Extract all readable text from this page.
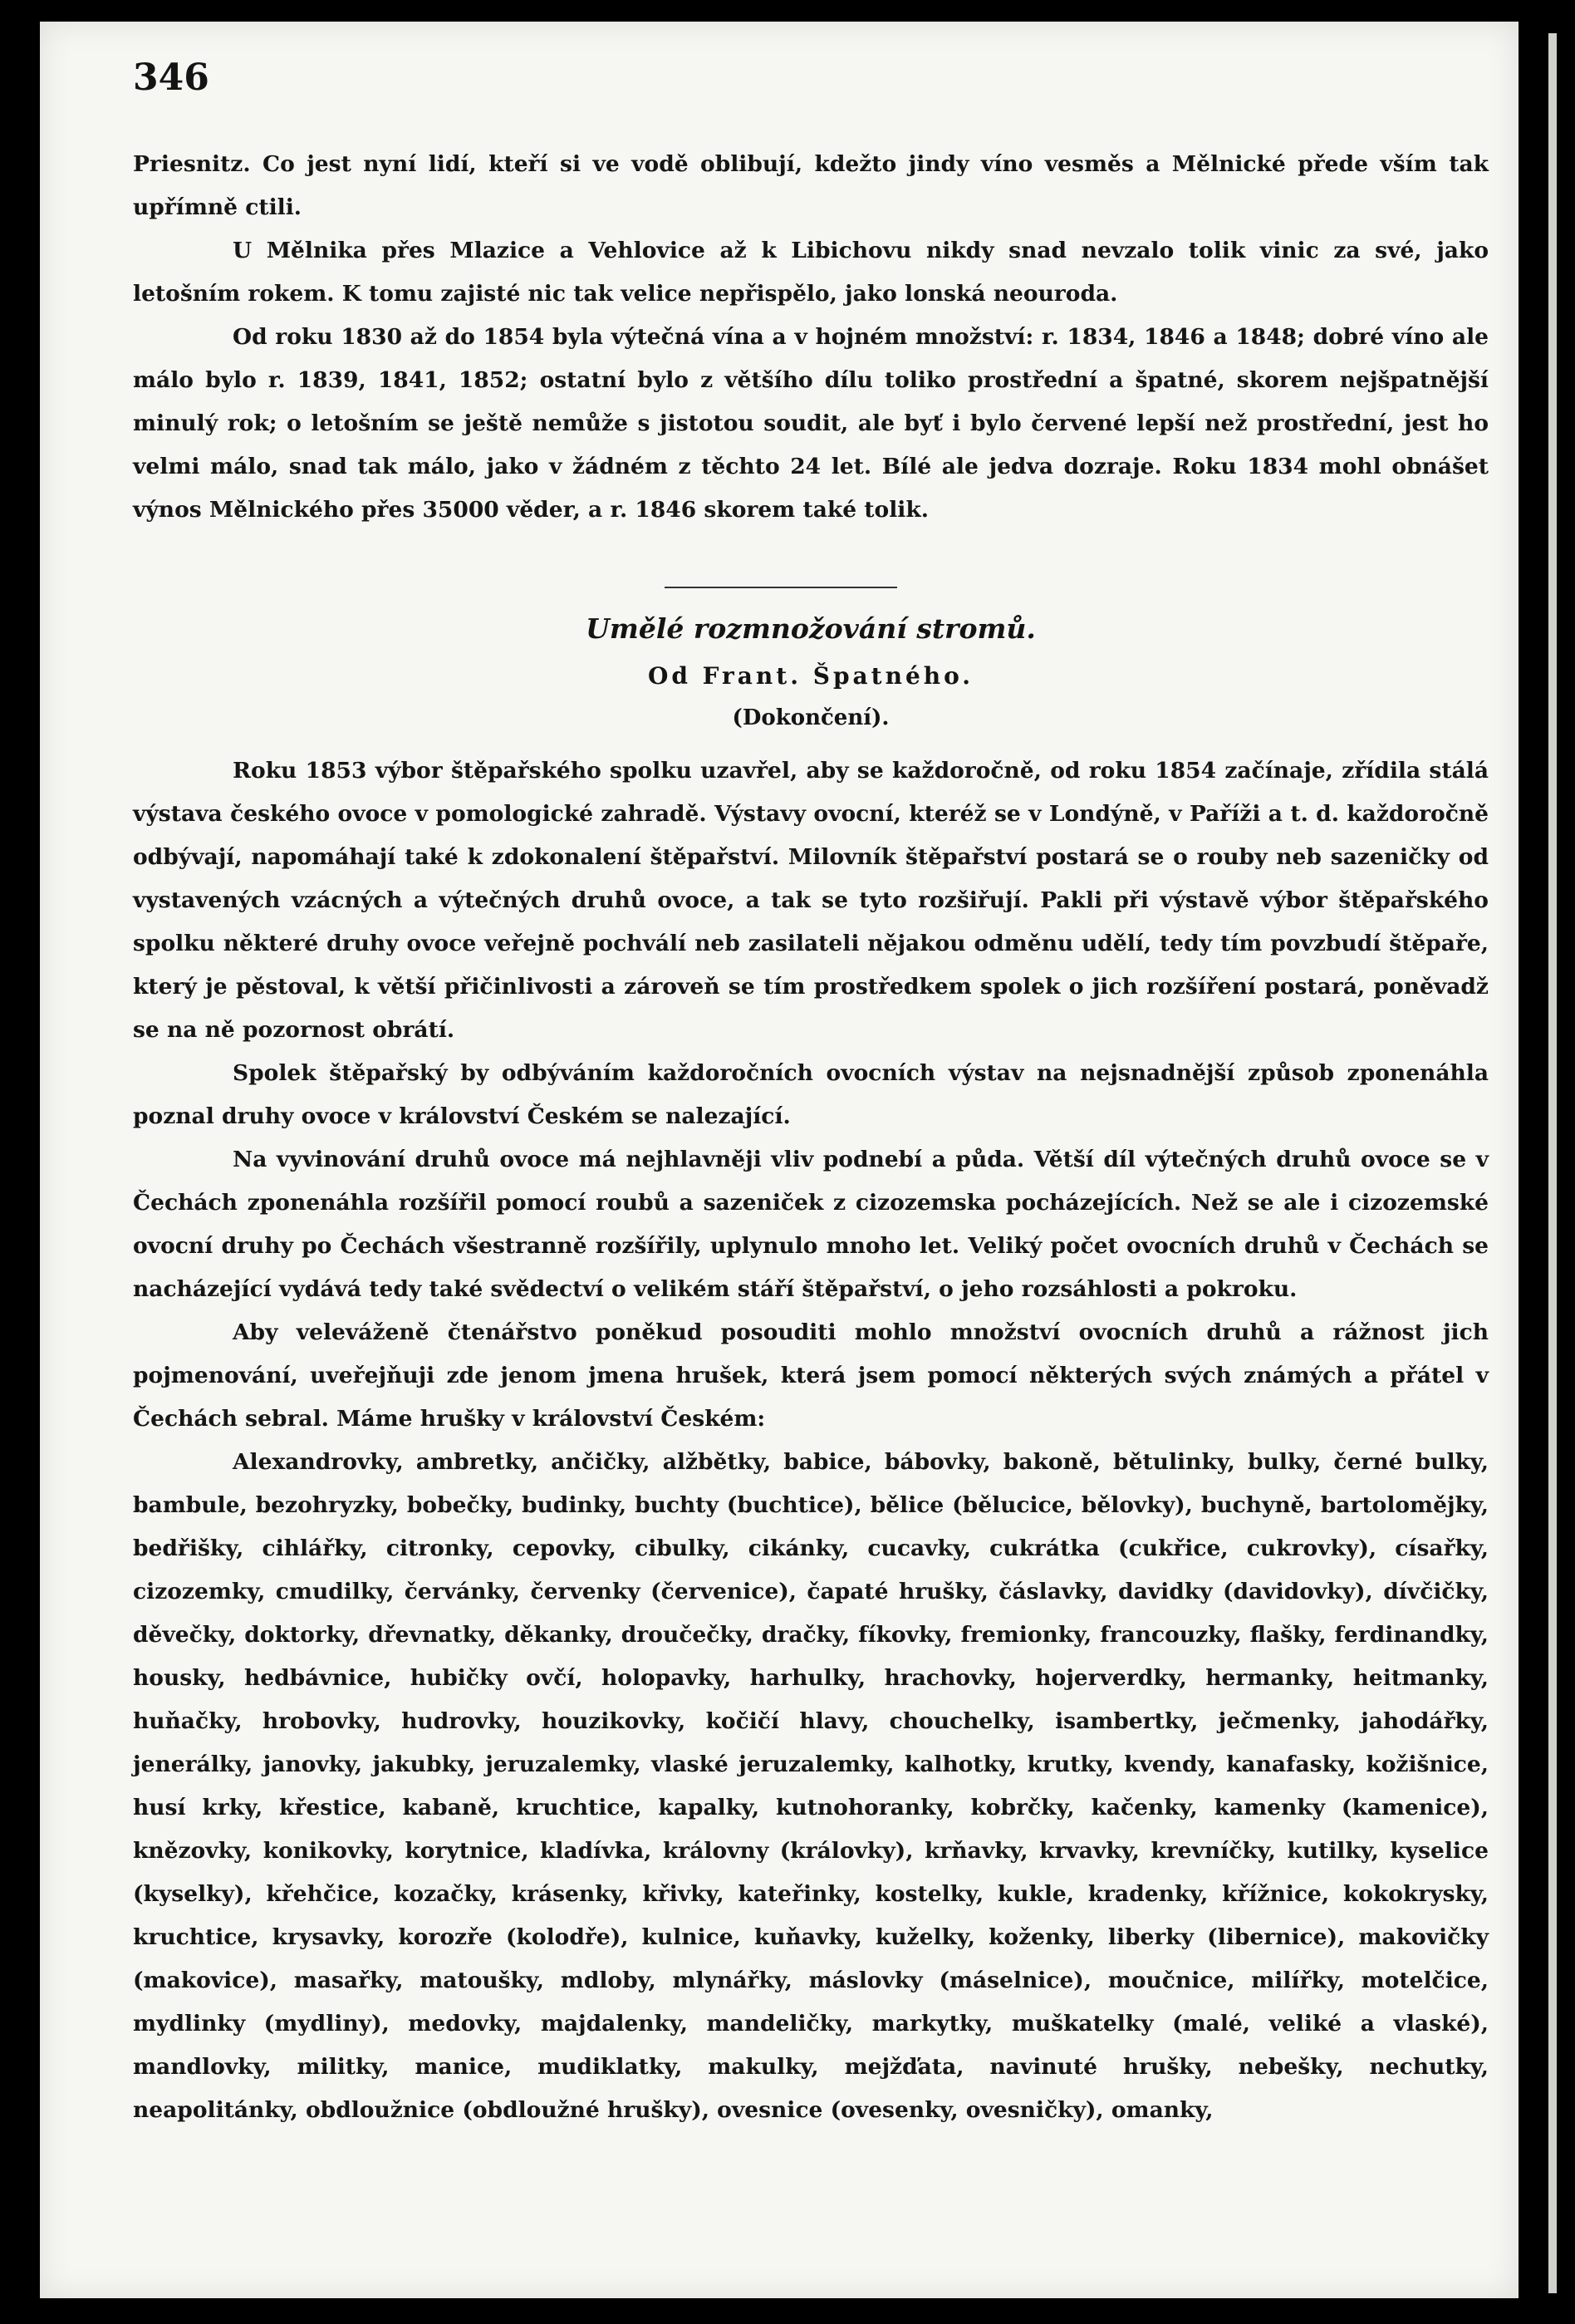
346

Priesnitz. Co jest nyní lidí, kteří si ve vodě oblibují, kdežto jindy víno vesměs a Mělnické přede vším tak upřímně ctili.

U Mělnika přes Mlazice a Vehlovice až k Libichovu nikdy snad nevzalo tolik vinic za své, jako letošním rokem. K tomu zajisté nic tak velice nepřispělo, jako lonská neouroda.

Od roku 1830 až do 1854 byla výtečná vína a v hojném množství: r. 1834, 1846 a 1848; dobré víno ale málo bylo r. 1839, 1841, 1852; ostatní bylo z většího dílu toliko prostřední a špatné, skorem nejšpatnější minulý rok; o letošním se ještě nemůže s jistotou soudit, ale byť i bylo červené lepší než prostřední, jest ho velmi málo, snad tak málo, jako v žádném z těchto 24 let. Bílé ale jedva dozraje. Roku 1834 mohl obnášet výnos Mělnického přes 35000 věder, a r. 1846 skorem také tolik.

Umělé rozmnožování stromů.
Od Frant. Špatného.
(Dokončení).

Roku 1853 výbor štěpařského spolku uzavřel, aby se každoročně, od roku 1854 začínaje, zřídila stálá výstava českého ovoce v pomologické zahradě. Výstavy ovocní, kteréž se v Londýně, v Paříži a t. d. každoročně odbývají, napomáhají také k zdokonalení štěpařství. Milovník štěpařství postará se o rouby neb sazeničky od vystavených vzácných a výtečných druhů ovoce, a tak se tyto rozšiřují. Pakli při výstavě výbor štěpařského spolku některé druhy ovoce veřejně pochválí neb zasilateli nějakou odměnu udělí, tedy tím povzbudí štěpaře, který je pěstoval, k větší přičinlivosti a zároveň se tím prostředkem spolek o jich rozšíření postará, poněvadž se na ně pozornost obrátí.

Spolek štěpařský by odbýváním každoročních ovocních výstav na nejsnadnější způsob zponenáhla poznal druhy ovoce v království Českém se nalezající.

Na vyvinování druhů ovoce má nejhlavněji vliv podnebí a půda. Větší díl výtečných druhů ovoce se v Čechách zponenáhla rozšířil pomocí roubů a sazeniček z cizozemska pocházejících. Než se ale i cizozemské ovocní druhy po Čechách všestranně rozšířily, uplynulo mnoho let. Veliký počet ovocních druhů v Čechách se nacházející vydává tedy také svědectví o velikém stáří štěpařství, o jeho rozsáhlosti a pokroku.

Aby veleváženě čtenářstvo poněkud posouditi mohlo množství ovocních druhů a rážnost jich pojmenování, uveřejňuji zde jenom jmena hrušek, která jsem pomocí některých svých známých a přátel v Čechách sebral. Máme hrušky v království Českém:

Alexandrovky, ambretky, ančičky, alžbětky, babice, bábovky, bakoně, bětulinky, bulky, černé bulky, bambule, bezohryzky, bobečky, budinky, buchty (buchtice), bělice (bělucice, bělovky), buchyně, bartolomějky, bedřišky, cihlářky, citronky, cepovky, cibulky, cikánky, cucavky, cukrátka (cukřice, cukrovky), císařky, cizozemky, cmudilky, červánky, červenky (červenice), čapaté hrušky, čáslavky, davidky (davidovky), dívčičky, děvečky, doktorky, dřevnatky, děkanky, droučečky, dračky, fíkovky, fremionky, francouzky, flašky, ferdinandky, housky, hedbávnice, hubičky ovčí, holopavky, harhulky, hrachovky, hojerverdky, hermanky, heitmanky, huňačky, hrobovky, hudrovky, houzikovky, kočičí hlavy, chouchelky, isambertky, ječmenky, jahodářky, jenerálky, janovky, jakubky, jeruzalemky, vlaské jeruzalemky, kalhotky, krutky, kvendy, kanafasky, kožišnice, husí krky, křestice, kabaně, kruchtice, kapalky, kutnohoranky, kobrčky, kačenky, kamenky (kamenice), knězovky, konikovky, korytnice, kladívka, královny (královky), krňavky, krvavky, krevníčky, kutilky, kyselice (kyselky), křehčice, kozačky, krásenky, křivky, kateřinky, kostelky, kukle, kradenky, křížnice, kokokrysky, kruchtice, krysavky, korozře (kolodře), kulnice, kuňavky, kuželky, koženky, liberky (libernice), makovičky (makovice), masařky, matoušky, mdloby, mlynářky, máslovky (máselnice), moučnice, milířky, motelčice, mydlinky (mydliny), medovky, majdalenky, mandeličky, markytky, muškatelky (malé, veliké a vlaské), mandlovky, militky, manice, mudiklatky, makulky, mejžďata, navinuté hrušky, nebešky, nechutky, neapolitánky, obdloužnice (obdloužné hrušky), ovesnice (ovesenky, ovesničky), omanky,
